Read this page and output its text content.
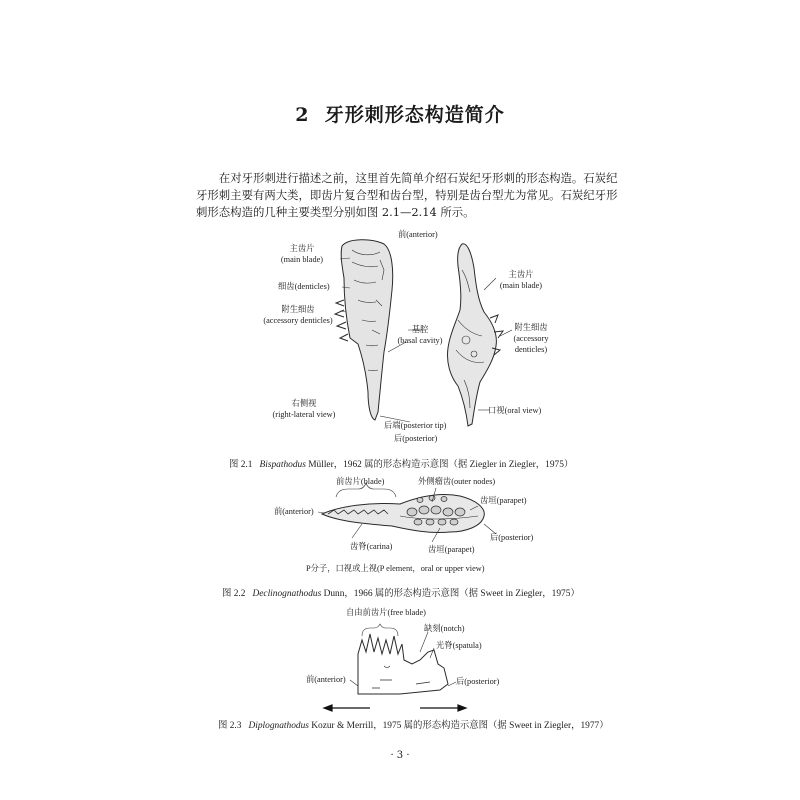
2 牙形刺形态构造简介

在对牙形刺进行描述之前，这里首先简单介绍石炭纪牙形刺的形态构造。石炭纪

牙形刺主要有两大类，即齿片复合型和齿台型，特别是齿台型尤为常见。石炭纪牙形

刺形态构造的几种主要类型分别如图 2.1—2.14 所示。

前(anterior)
主齿片
(main blade)
细齿(denticles)
附生细齿
(accessory denticles)
主齿片
(main blade)
基腔
(basal cavity)
附生细齿
(accessory
denticles)
右侧视
(right-lateral view)	口视(oral view)
后端(posterior tip)
后(posterior)
图 2.1 Bispathodus Müller，1962 属的形态构造示意图（据 Ziegler in Ziegler，1975）
前齿片(blade)	外侧瘤齿(outer nodes)
齿垣(parapet)
前(anterior)
后(posterior)
齿脊(carina)	齿垣(parapet)
P分子，口视或上视(P element，oral or upper view)
图 2.2 Declinognathodus Dunn，1966 属的形态构造示意图（据 Sweet in Ziegler，1975）
自由前齿片(free blade)
缺刻(notch)
光脊(spatula)
前(anterior)	后(posterior)
图 2.3 Diplognathodus Kozur & Merrill，1975 属的形态构造示意图（据 Sweet in Ziegler，1977）
· 3 ·
